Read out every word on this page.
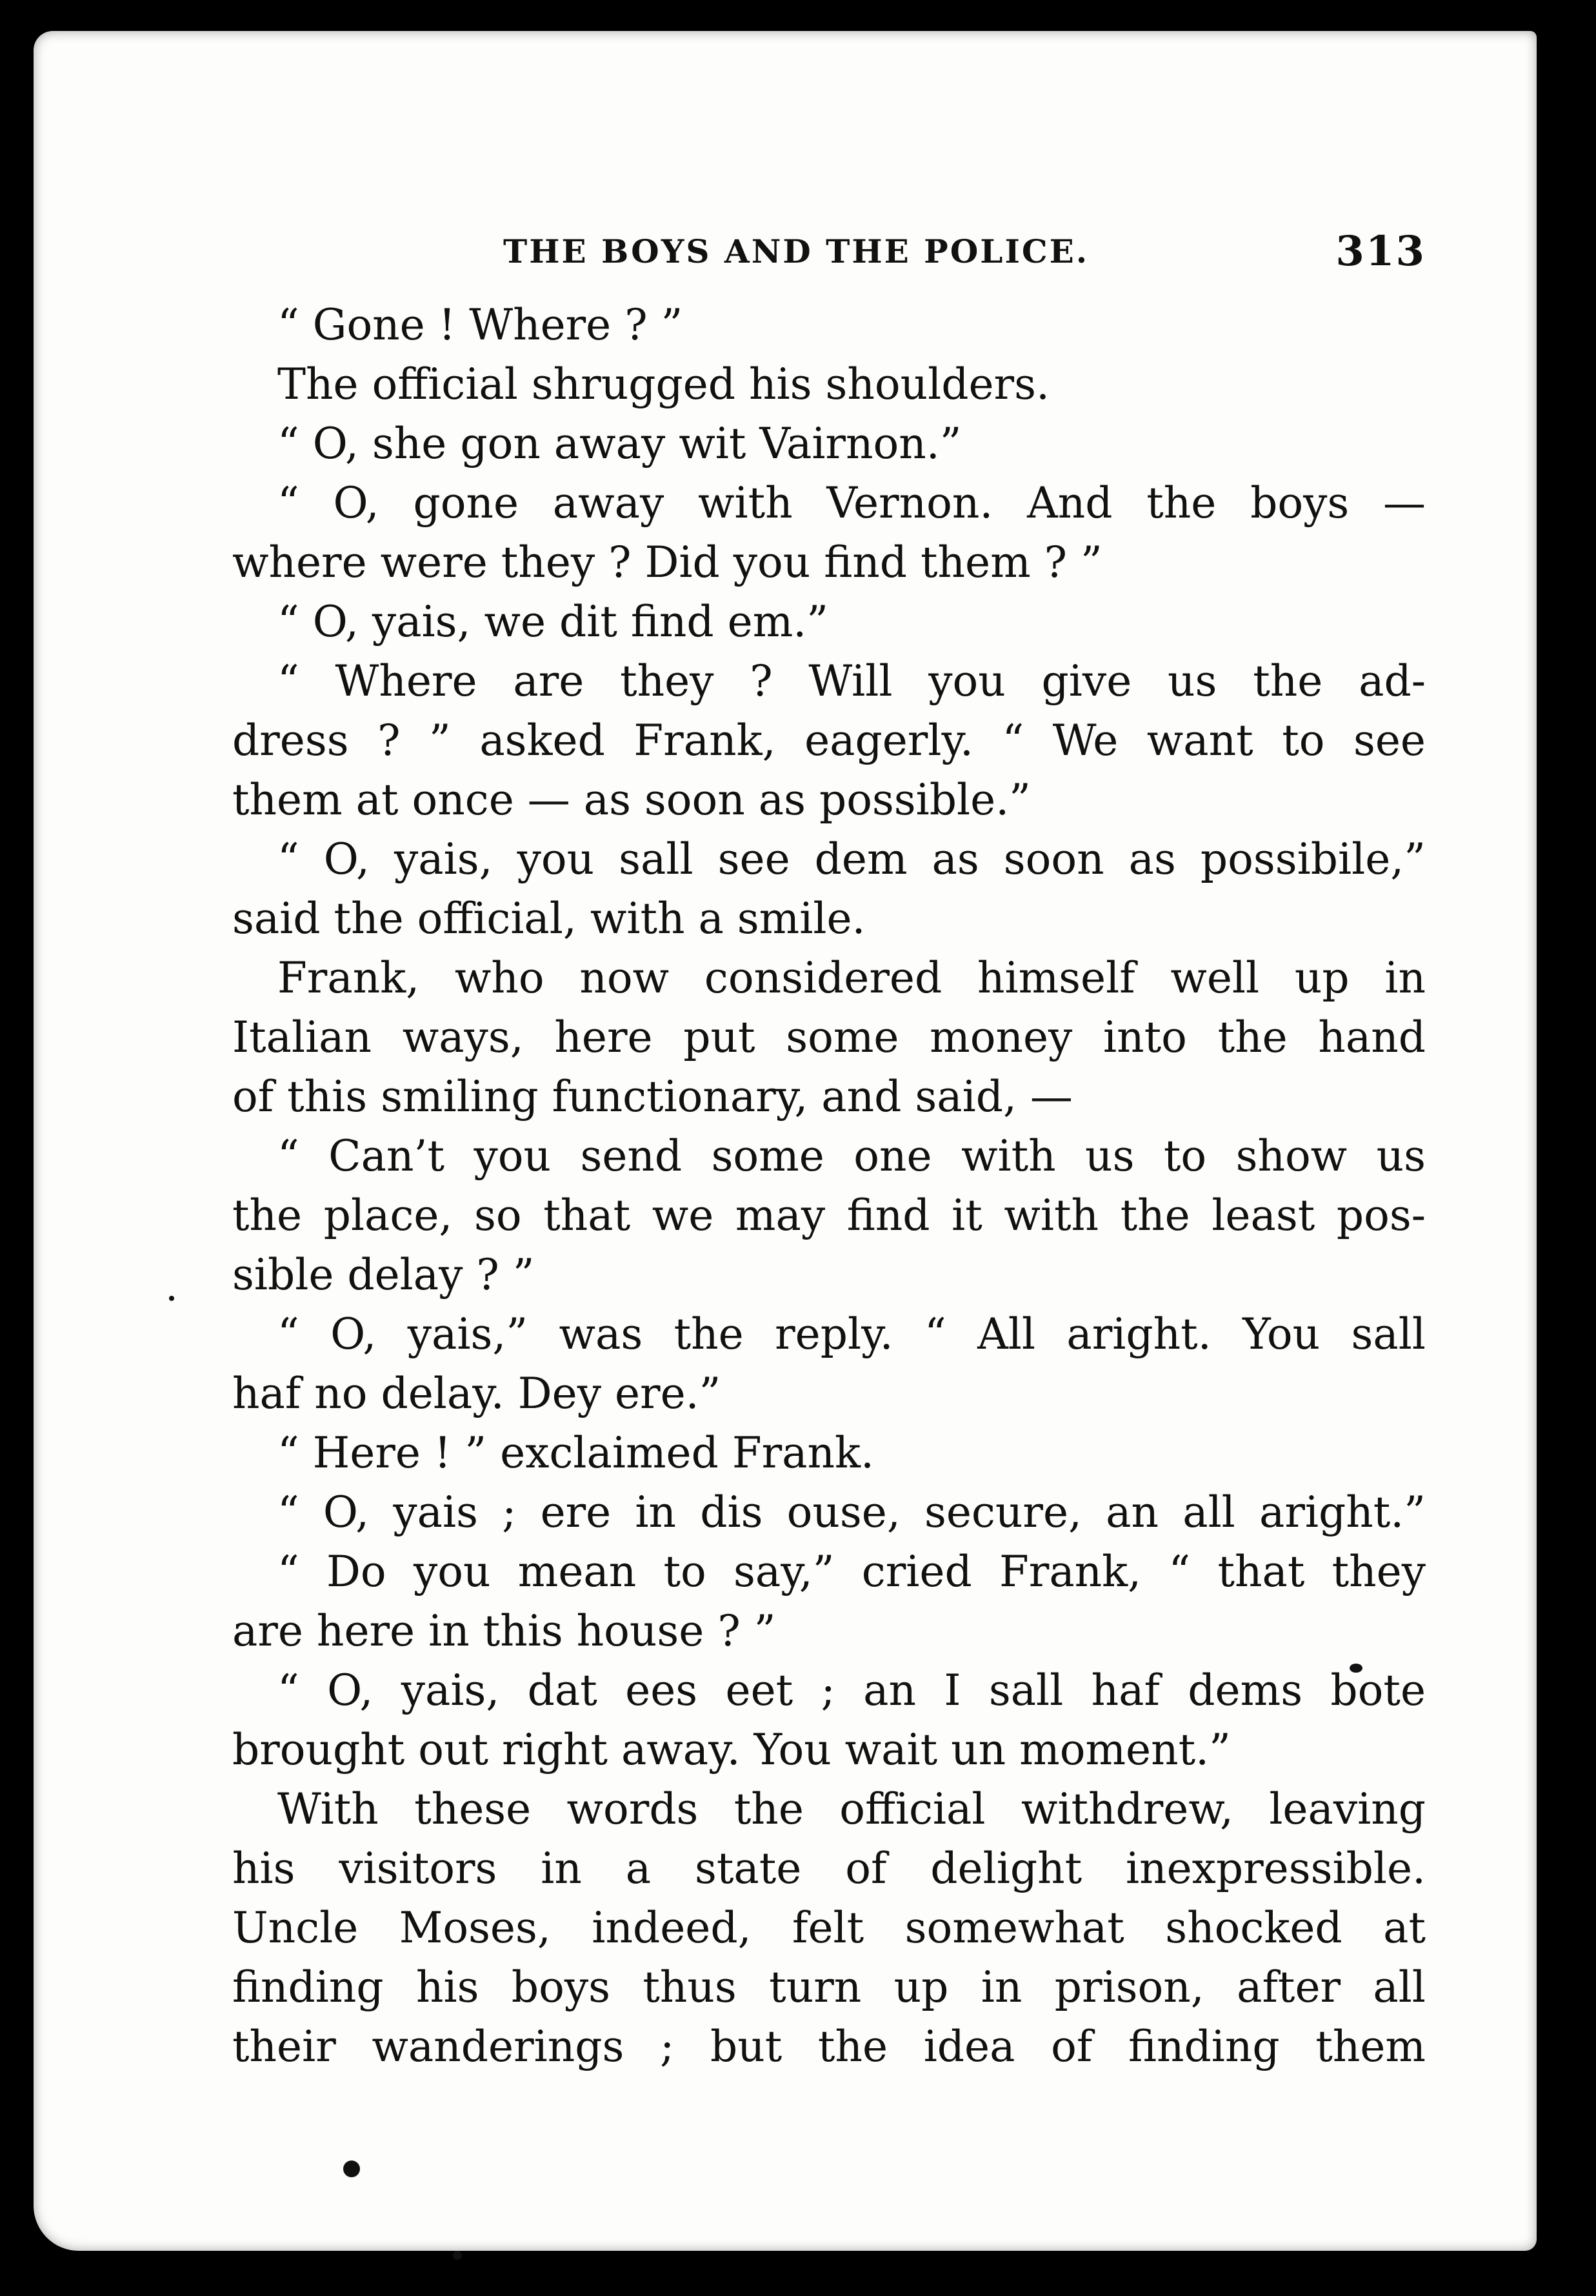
THE BOYS AND THE POLICE.	313
“ Gone ! Where ? ”
The official shrugged his shoulders.
“ O, she gon away wit Vairnon.”
“ O, gone away with Vernon. And the boys —
where were they ? Did you find them ? ”
“ O, yais, we dit find em.”
“ Where are they ? Will you give us the ad-
dress ? ” asked Frank, eagerly. “ We want to see
them at once — as soon as possible.”
“ O, yais, you sall see dem as soon as possibile,”
said the official, with a smile.
Frank, who now considered himself well up in
Italian ways, here put some money into the hand
of this smiling functionary, and said, —
“ Can’t you send some one with us to show us
the place, so that we may find it with the least pos-
sible delay ? ”
“ O, yais,” was the reply. “ All aright. You sall
haf no delay. Dey ere.”
“ Here ! ” exclaimed Frank.
“ O, yais ; ere in dis ouse, secure, an all aright.”
“ Do you mean to say,” cried Frank, “ that they
are here in this house ? ”
“ O, yais, dat ees eet ; an I sall haf dems bote
brought out right away. You wait un moment.”
With these words the official withdrew, leaving
his visitors in a state of delight inexpressible.
Uncle Moses, indeed, felt somewhat shocked at
finding his boys thus turn up in prison, after all
their wanderings ; but the idea of finding them
